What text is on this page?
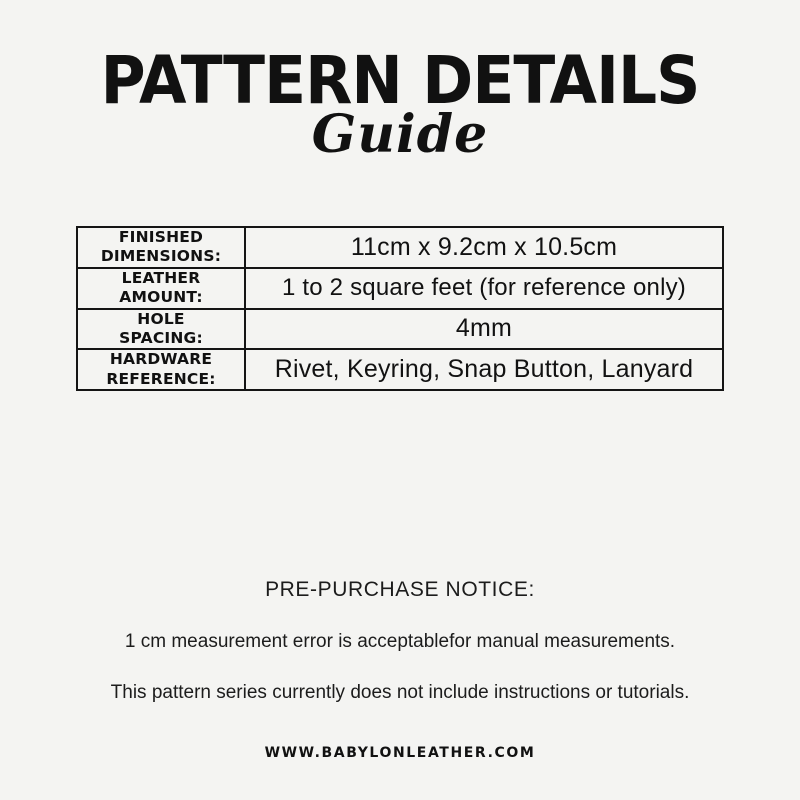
PATTERN DETAILS
Guide
FINISHED
DIMENSIONS:	11cm x 9.2cm x 10.5cm

LEATHER
AMOUNT:	1 to 2 square feet (for reference only)

HOLE
SPACING:	4mm

HARDWARE
REFERENCE:	Rivet, Keyring, Snap Button, Lanyard
PRE-PURCHASE NOTICE:
1 cm measurement error is acceptablefor manual measurements.
This pattern series currently does not include instructions or tutorials.
WWW.BABYLONLEATHER.COM
